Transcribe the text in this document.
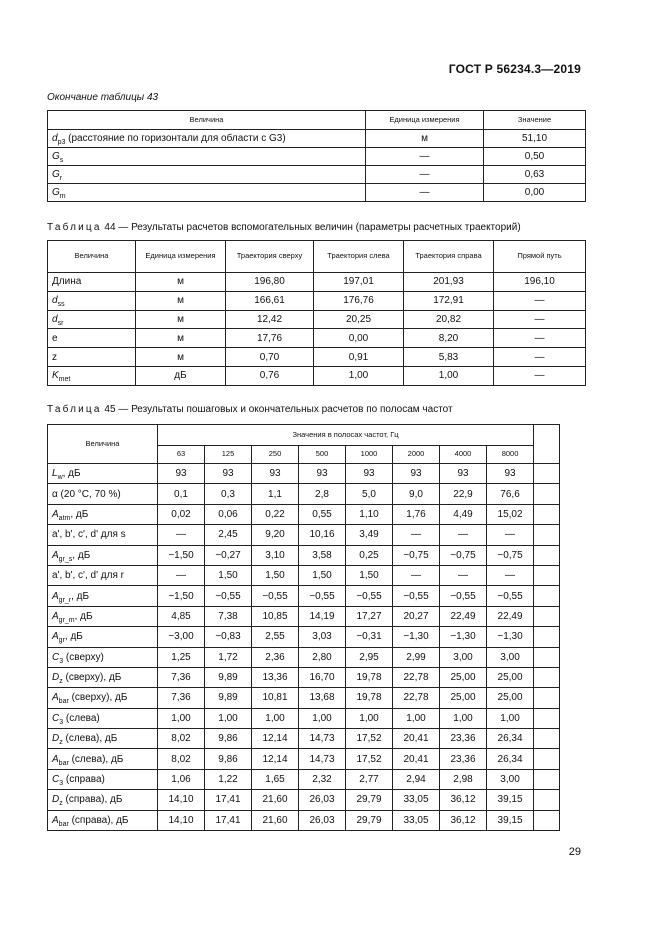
ГОСТ Р 56234.3—2019
Окончание таблицы 43
Величина	Единица измерения	Значение
$d_{p3}$ (расстояние по горизонтали для области с G3)	м	51,10
$G_s$	—	0,50
$G_r$	—	0,63
$G_m$	—	0,00
Таблица 44 — Результаты расчетов вспомогательных величин (параметры расчетных траекторий)
Величина	Единица измерения	Траектория сверху	Траектория слева	Траектория справа	Прямой путь
Длина	м	196,80	197,01	201,93	196,10
$d_{ss}$	м	166,61	176,76	172,91	—
$d_{sr}$	м	12,42	20,25	20,82	—
e	м	17,76	0,00	8,20	—
z	м	0,70	0,91	5,83	—
$K_{met}$	дБ	0,76	1,00	1,00	—
Таблица 45 — Результаты пошаговых и окончательных расчетов по полосам частот
Величина	Значения в полосах частот, Гц								
	63	125	250	500	1000	2000	4000	8000	
$L_w$, дБ	93	93	93	93	93	93	93	93	
α (20 °С, 70 %)	0,1	0,3	1,1	2,8	5,0	9,0	22,9	76,6	
$A_{atm}$, дБ	0,02	0,06	0,22	0,55	1,10	1,76	4,49	15,02	
a', b', c', d' для s	—	2,45	9,20	10,16	3,49	—	—	—	
$A_{gr\_s}$, дБ	−1,50	−0,27	3,10	3,58	0,25	−0,75	−0,75	−0,75	
a', b', c', d' для r	—	1,50	1,50	1,50	1,50	—	—	—	
$A_{gr\_r}$, дБ	−1,50	−0,55	−0,55	−0,55	−0,55	−0,55	−0,55	−0,55	
$A_{gr\_m}$, дБ	4,85	7,38	10,85	14,19	17,27	20,27	22,49	22,49	
$A_{gr}$, дБ	−3,00	−0,83	2,55	3,03	−0,31	−1,30	−1,30	−1,30	
$C_3$ (сверху)	1,25	1,72	2,36	2,80	2,95	2,99	3,00	3,00	
$D_z$ (сверху), дБ	7,36	9,89	13,36	16,70	19,78	22,78	25,00	25,00	
$A_{bar}$ (сверху), дБ	7,36	9,89	10,81	13,68	19,78	22,78	25,00	25,00	
$C_3$ (слева)	1,00	1,00	1,00	1,00	1,00	1,00	1,00	1,00	
$D_z$ (слева), дБ	8,02	9,86	12,14	14,73	17,52	20,41	23,36	26,34	
$A_{bar}$ (слева), дБ	8,02	9,86	12,14	14,73	17,52	20,41	23,36	26,34	
$C_3$ (справа)	1,06	1,22	1,65	2,32	2,77	2,94	2,98	3,00	
$D_z$ (справа), дБ	14,10	17,41	21,60	26,03	29,79	33,05	36,12	39,15	
$A_{bar}$ (справа), дБ	14,10	17,41	21,60	26,03	29,79	33,05	36,12	39,15	
29
